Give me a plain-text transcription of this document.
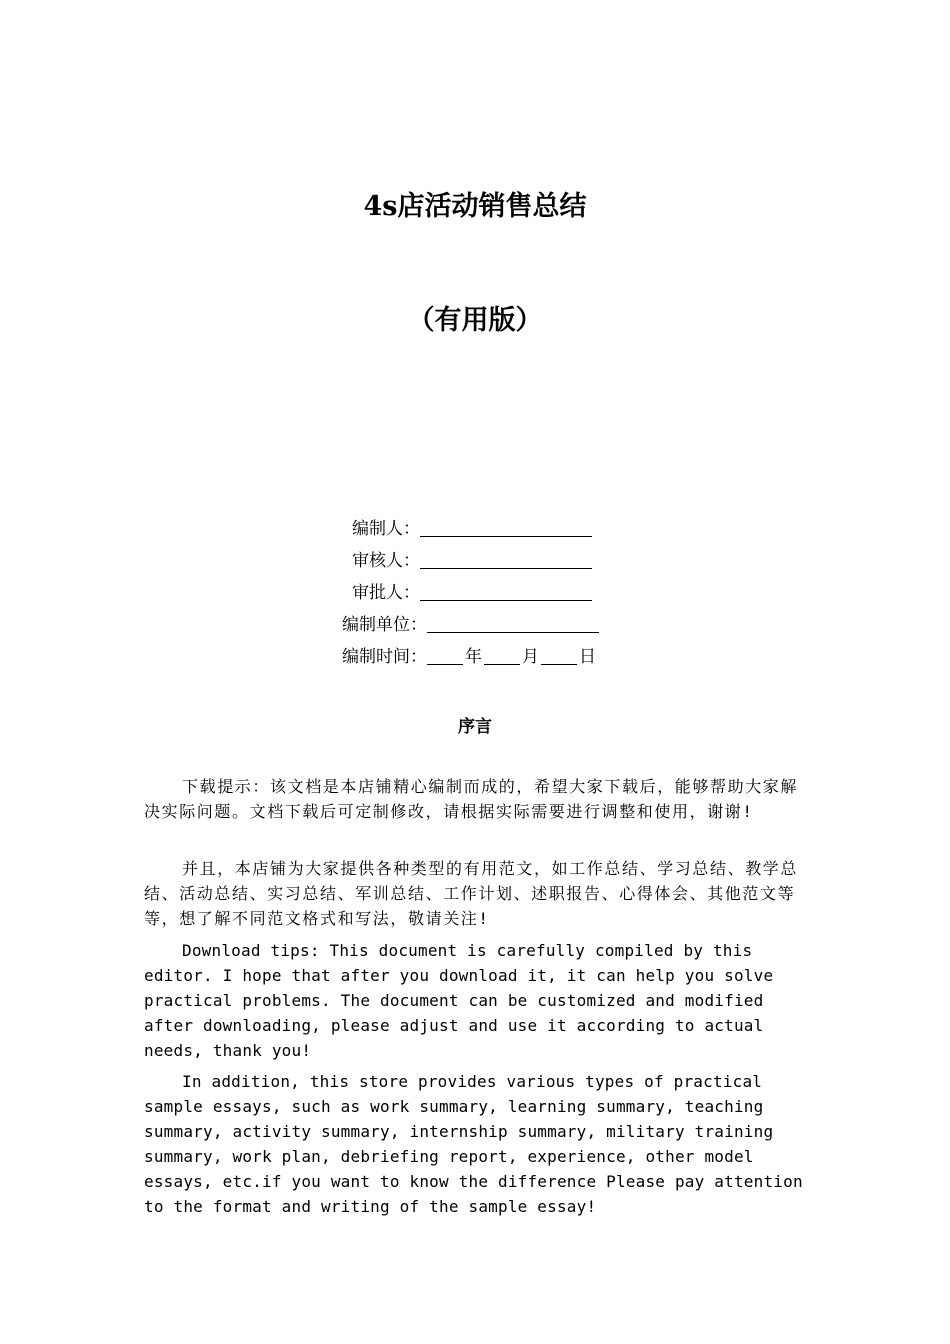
4s店活动销售总结
（有用版）
编制人：
审核人：
审批人：
编制单位：
编制时间： 年 月 日
序言

下载提示：该文档是本店铺精心编制而成的，希望大家下载后，能够帮助大家解决实际问题。文档下载后可定制修改，请根据实际需要进行调整和使用，谢谢!

并且，本店铺为大家提供各种类型的有用范文，如工作总结、学习总结、教学总结、活动总结、实习总结、军训总结、工作计划、述职报告、心得体会、其他范文等等，想了解不同范文格式和写法，敬请关注!

Download tips: This document is carefully compiled by this editor. I hope that after you download it, it can help you solve practical problems. The document can be customized and modified after downloading, please adjust and use it according to actual needs, thank you!

In addition, this store provides various types of practical sample essays, such as work summary, learning summary, teaching summary, activity summary, internship summary, military training summary, work plan, debriefing report, experience, other model essays, etc.if you want to know the difference Please pay attention to the format and writing of the sample essay!
